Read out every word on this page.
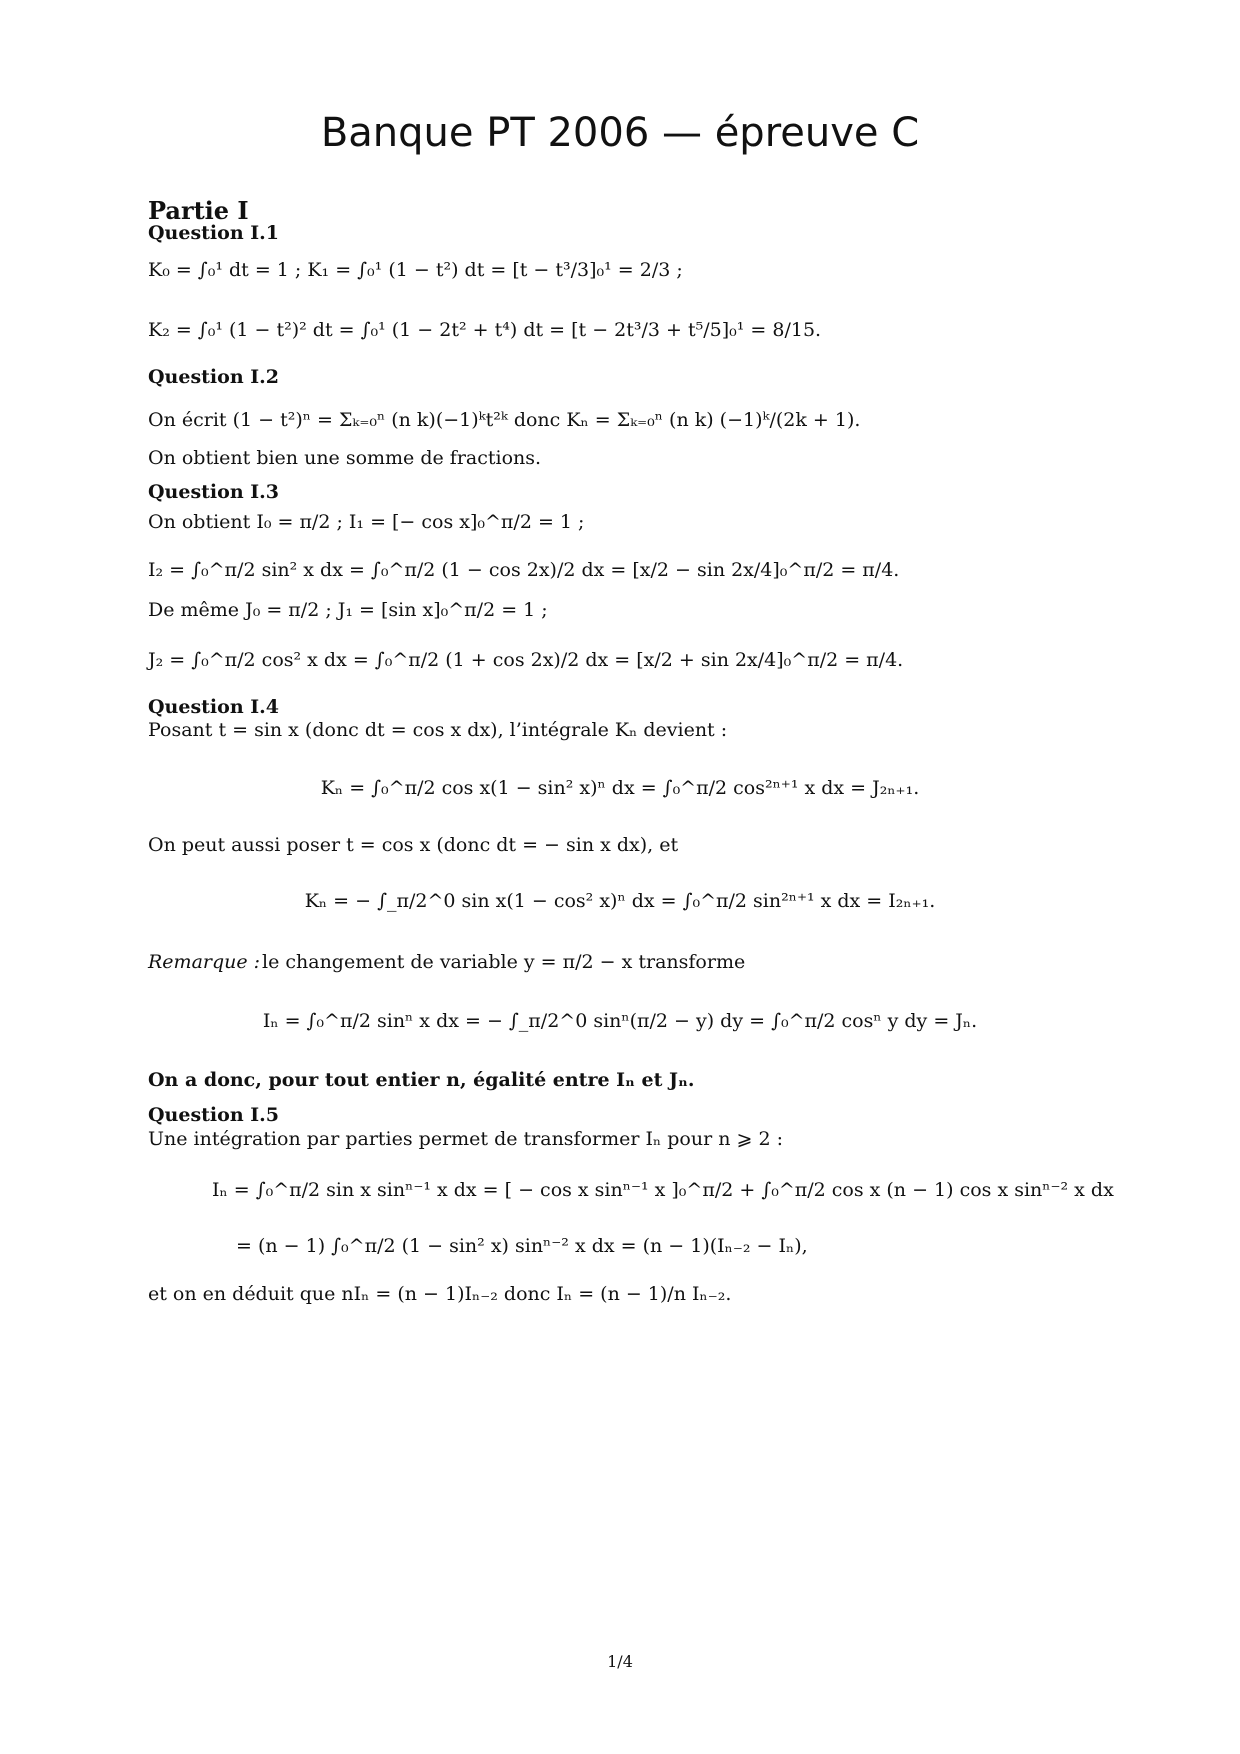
Banque PT 2006 — épreuve C
Partie I
Question I.1
K₀ = ∫₀¹ dt = 1 ; K₁ = ∫₀¹ (1 − t²) dt = [t − t³/3]₀¹ = 2/3 ;
K₂ = ∫₀¹ (1 − t²)² dt = ∫₀¹ (1 − 2t² + t⁴) dt = [t − 2t³/3 + t⁵/5]₀¹ = 8/15.
Question I.2
On écrit (1 − t²)ⁿ = Σₖ₌₀ⁿ (n k)(−1)ᵏt²ᵏ donc Kₙ = Σₖ₌₀ⁿ (n k) (−1)ᵏ/(2k + 1).
On obtient bien une somme de fractions.
Question I.3
On obtient I₀ = π/2 ; I₁ = [− cos x]₀^π/2 = 1 ;
I₂ = ∫₀^π/2 sin² x dx = ∫₀^π/2 (1 − cos 2x)/2 dx = [x/2 − sin 2x/4]₀^π/2 = π/4.
De même J₀ = π/2 ; J₁ = [sin x]₀^π/2 = 1 ;
J₂ = ∫₀^π/2 cos² x dx = ∫₀^π/2 (1 + cos 2x)/2 dx = [x/2 + sin 2x/4]₀^π/2 = π/4.
Question I.4
Posant t = sin x (donc dt = cos x dx), l’intégrale Kₙ devient :
Kₙ = ∫₀^π/2 cos x(1 − sin² x)ⁿ dx = ∫₀^π/2 cos²ⁿ⁺¹ x dx = J₂ₙ₊₁.
On peut aussi poser t = cos x (donc dt = − sin x dx), et
Kₙ = − ∫_π/2^0 sin x(1 − cos² x)ⁿ dx = ∫₀^π/2 sin²ⁿ⁺¹ x dx = I₂ₙ₊₁.
Remarque : le changement de variable y = π/2 − x transforme
Iₙ = ∫₀^π/2 sinⁿ x dx = − ∫_π/2^0 sinⁿ(π/2 − y) dy = ∫₀^π/2 cosⁿ y dy = Jₙ.
On a donc, pour tout entier n, égalité entre Iₙ et Jₙ.
Question I.5
Une intégration par parties permet de transformer Iₙ pour n ⩾ 2 :
Iₙ = ∫₀^π/2 sin x sinⁿ⁻¹ x dx = [ − cos x sinⁿ⁻¹ x ]₀^π/2 + ∫₀^π/2 cos x (n − 1) cos x sinⁿ⁻² x dx
= (n − 1) ∫₀^π/2 (1 − sin² x) sinⁿ⁻² x dx = (n − 1)(Iₙ₋₂ − Iₙ),
et on en déduit que nIₙ = (n − 1)Iₙ₋₂ donc Iₙ = (n − 1)/n Iₙ₋₂.
1/4
